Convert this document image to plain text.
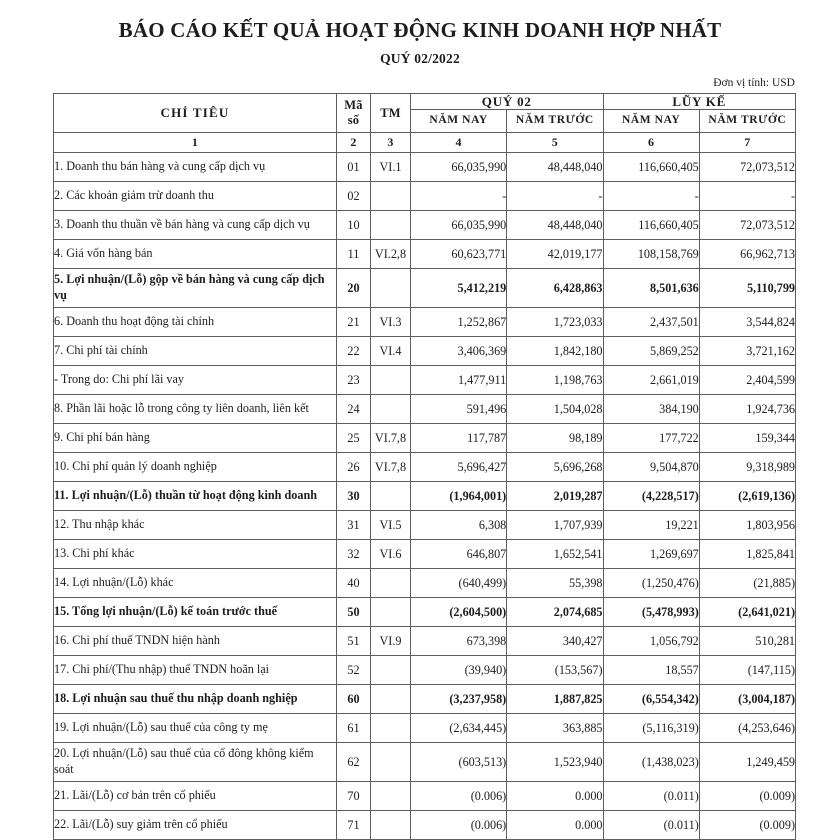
BÁO CÁO KẾT QUẢ HOẠT ĐỘNG KINH DOANH HỢP NHẤT
QUÝ 02/2022
Đơn vị tính: USD
CHỈ TIÊU	Mã số	TM	QUÝ 02		LŨY KẾ	
			NĂM NAY	NĂM TRƯỚC	NĂM NAY	NĂM TRƯỚC
1	2	3	4	5	6	7
1. Doanh thu bán hàng và cung cấp dịch vụ	01	VI.1	66,035,990	48,448,040	116,660,405	72,073,512
2. Các khoản giảm trừ doanh thu	02		-	-	-	-
3. Doanh thu thuần về bán hàng và cung cấp dịch vụ	10		66,035,990	48,448,040	116,660,405	72,073,512
4. Giá vốn hàng bán	11	VI.2,8	60,623,771	42,019,177	108,158,769	66,962,713
5. Lợi nhuận/(Lỗ) gộp về bán hàng và cung cấp dịch vụ	20		5,412,219	6,428,863	8,501,636	5,110,799
6. Doanh thu hoạt động tài chính	21	VI.3	1,252,867	1,723,033	2,437,501	3,544,824
7. Chi phí tài chính	22	VI.4	3,406,369	1,842,180	5,869,252	3,721,162
- Trong do: Chi phí lãi vay	23		1,477,911	1,198,763	2,661,019	2,404,599
8. Phần lãi hoặc lỗ trong công ty liên doanh, liên kết	24		591,496	1,504,028	384,190	1,924,736
9. Chi phí bán hàng	25	VI.7,8	117,787	98,189	177,722	159,344
10. Chi phí quản lý doanh nghiệp	26	VI.7,8	5,696,427	5,696,268	9,504,870	9,318,989
11. Lợi nhuận/(Lỗ) thuần từ hoạt động kinh doanh	30		(1,964,001)	2,019,287	(4,228,517)	(2,619,136)
12. Thu nhập khác	31	VI.5	6,308	1,707,939	19,221	1,803,956
13. Chi phí khác	32	VI.6	646,807	1,652,541	1,269,697	1,825,841
14. Lợi nhuận/(Lỗ) khác	40		(640,499)	55,398	(1,250,476)	(21,885)
15. Tổng lợi nhuận/(Lỗ) kế toán trước thuế	50		(2,604,500)	2,074,685	(5,478,993)	(2,641,021)
16. Chi phí thuế TNDN hiện hành	51	VI.9	673,398	340,427	1,056,792	510,281
17. Chi phí/(Thu nhập) thuế TNDN hoãn lại	52		(39,940)	(153,567)	18,557	(147,115)
18. Lợi nhuận sau thuế thu nhập doanh nghiệp	60		(3,237,958)	1,887,825	(6,554,342)	(3,004,187)
19. Lợi nhuận/(Lỗ) sau thuế của công ty mẹ	61		(2,634,445)	363,885	(5,116,319)	(4,253,646)
20. Lợi nhuận/(Lỗ) sau thuế của cổ đông không kiểm soát	62		(603,513)	1,523,940	(1,438,023)	1,249,459
21. Lãi/(Lỗ) cơ bản trên cổ phiếu	70		(0.006)	0.000	(0.011)	(0.009)
22. Lãi/(Lỗ) suy giảm trên cổ phiếu	71		(0.006)	0.000	(0.011)	(0.009)
